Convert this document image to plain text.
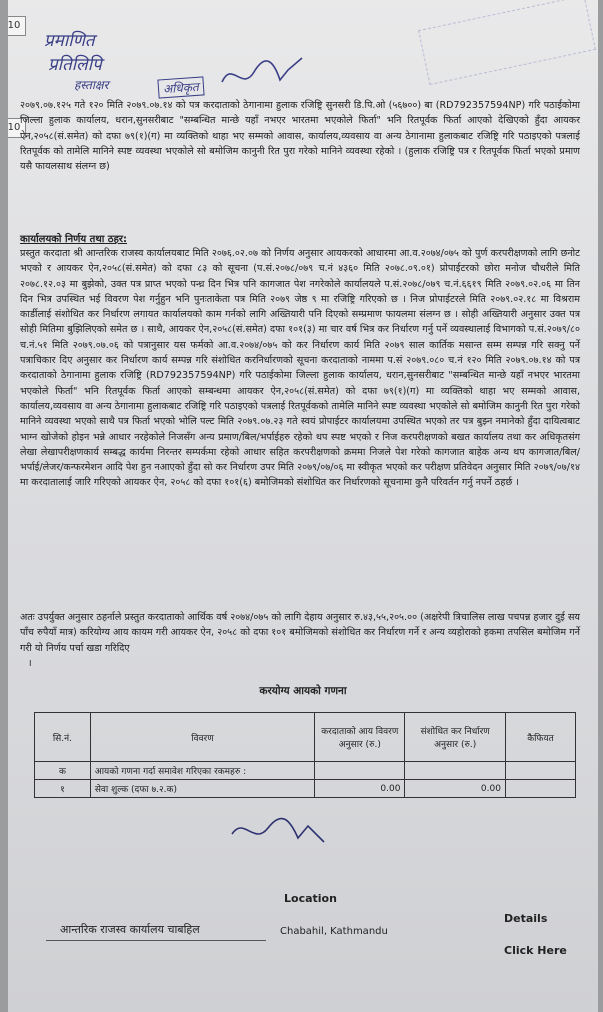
10
10
प्रमाणित
प्रतिलिपि
हस्ताक्षर	अधिकृत
२०७९.०७.१२५ गते १२० मिति २०७९.०७.१४ को पत्र करदाताको ठेगानामा हुलाक रजिष्ट्रि सुनसरी डि.पि.ओ (५६७००) बा (RD792357594NP) गरि पठाईकोमा जिल्ला हुलाक कार्यालय, धरान,सुनसरीबाट "सम्बन्धित मान्छे यहाँ नभएर भारतमा भएकोले फिर्ता" भनि रितपूर्वक फिर्ता आएको देखिएको हुँदा आयकर ऐन,२०५८(सं.समेत) को दफा ७९(१)(ग) मा व्यक्तिको थाहा भए सम्मको आवास, कार्यालय,व्यवसाय वा अन्य ठेगानामा हुलाकबाट रजिष्ट्रि गरि पठाइएको पत्रलाई रितपूर्वक को तामेलि मानिने स्पष्ट व्यवस्था भएकोले सो बमोजिम कानुनी रित पुरा गरेको मानिने व्यवस्था रहेको । (हुलाक रजिष्ट्रि पत्र र रितपूर्वक फिर्ता भएको प्रमाण यसै फायलसाथ संलग्न छ)
कार्यालयको निर्णय तथा ठहर:
प्रस्तुत करदाता श्री आन्तरिक राजस्व कार्यालयबाट मिति २०७६.०२.०७ को निर्णय अनुसार आयकरको आधारमा आ.व.२०७४/०७५ को पुर्ण करपरीक्षणको लागि छनोट भएको र आयकर ऐन,२०५८(सं.समेत) को दफा ८३ को सूचना (प.सं.२०७८/०७९ च.नं ४३६० मिति २०७८.०९.०१) प्रोपाईटरको छोरा मनोज चौधरीले मिति २०७८.१२.०३ मा बुझेको, उक्त पत्र प्राप्त भएको पन्ध्र दिन भित्र पनि कागजात पेश नगरेकोले कार्यालयले प.सं.२०७८/०७९ च.नं.६६१९ मिति २०७९.०२.०६ मा तिन दिन भित्र उपस्थित भई विवरण पेश गर्नुहुन भनि पुनःताकेता पत्र मिति २०७९ जेष्ठ ९ मा रजिष्ट्रि गरिएको छ । निज प्रोपाईटरले मिति २०७९.०२.१८ मा विश्रराम कार्डीलाई संशोधित कर निर्धारण लगायत कार्यालयको काम गर्नको लागि अख्तियारी पनि दिएको सम्प्रमाण फायलमा संलग्न छ । सोही अख्तियारी अनुसार उक्त पत्र सोही मितिमा बुझिलिएको समेत छ । साथै, आयकर ऐन,२०५८(सं.समेत) दफा १०१(३) मा चार वर्ष भित्र कर निर्धारण गर्नु पर्ने व्यवस्थालाई विभागको प.सं.२०७९/८० च.नं.५१ मिति २०७९.०७.०६ को पत्रानुसार यस फर्मको आ.व.२०७४/०७५ को कर निर्धारण कार्य मिति २०७९ साल कार्तिक मसान्त सम्म सम्पन्न गरि सक्नु पर्ने पत्राचिकार दिए अनुसार कर निर्धारण कार्य सम्पन्न गरि संशोधित करनिर्धारणको सूचना करदाताको नाममा प.सं २०७९.०८० च.नं १२० मिति २०७९.०७.१४ को पत्र करदाताको ठेगानामा हुलाक रजिष्ट्रि (RD792357594NP) गरि पठाईकोमा जिल्ला हुलाक कार्यालय, धरान,सुनसरीबाट "सम्बन्धित मान्छे यहाँ नभएर भारतमा भएकोले फिर्ता" भनि रितपूर्वक फिर्ता आएको सम्बन्धमा आयकर ऐन,२०५८(सं.समेत) को दफा ७९(१)(ग) मा व्यक्तिको थाहा भए सम्मको आवास, कार्यालय,व्यवसाय वा अन्य ठेगानामा हुलाकबाट रजिष्ट्रि गरि पठाइएको पत्रलाई रितपूर्वकको तामेलि मानिने स्पष्ट व्यवस्था भएकोले सो बमोजिम कानुनी रित पुरा गरेको मानिने व्यवस्था भएको साथै पत्र फिर्ता भएको भोलि पल्ट मिति २०७९.०७.२३ गते स्वयं प्रोपाईटर कार्यालयमा उपस्थित भएको तर पत्र बुझ्न नमानेको हुँदा दायित्वबाट भाग्न खोजेको होइन भन्ने आधार नरहेकोले निजसँग अन्य प्रमाण/बिल/भर्पाईहरु रहेको थप स्पष्ट भएको र निज करपरीक्षणको बखत कार्यालय तथा कर अधिकृतसंग लेखा लेखापरीक्षणकार्य सम्बद्ध कार्यमा निरन्तर सम्पर्कमा रहेको आधार सहित करपरीक्षणको क्रममा निजले पेश गरेको कागजात बाहेक अन्य थप कागजात/बिल/भर्पाई/लेजर/कन्फरमेशन आदि पेश हुन नआएको हुँदा सो कर निर्धारण उपर मिति २०७९/०७/०६ मा स्वीकृत भएको कर परीक्षण प्रतिवेदन अनुसार मिति २०७९/०७/१४ मा करदातालाई जारि गरिएको आयकर ऐन, २०५८ को दफा १०१(६) बमोजिमको संशोधित कर निर्धारणको सूचनामा कुनै परिवर्तन गर्नु नपर्ने ठहर्छ ।
अतः उपर्युक्त अनुसार ठहर्नाले प्रस्तुत करदाताको आर्थिक वर्ष २०७४/०७५ को लागि देहाय अनुसार रु.४३,५५,२०५.०० (अक्षरेपी त्रिचालिस लाख पचपन्न हजार दुई सय पाँच रुपैयाँ मात्र) करियोग्य आय कायम गरी आयकर ऐन, २०५८ को दफा १०१ बमोजिमको संशोधित कर निर्धारण गर्ने र अन्य व्यहोराको हकमा तपसिल बमोजिम गर्ने गरी यो निर्णय पर्चा खडा गरिदिए
।
करयोग्य आयको गणना
सि.नं.	विवरण	करदाताको आय विवरण अनुसार (रु.)	संशोधित कर निर्धारण अनुसार (रु.)	कैफियत
क	आयको गणना गर्दा समावेश गरिएका रकमहरु :			
१	सेवा शुल्क (दफा ७.२.क)	0.00	0.00	
Location
Details
आन्तरिक राजस्व कार्यालय चाबहिल	Chabahil, Kathmandu
Click Here
